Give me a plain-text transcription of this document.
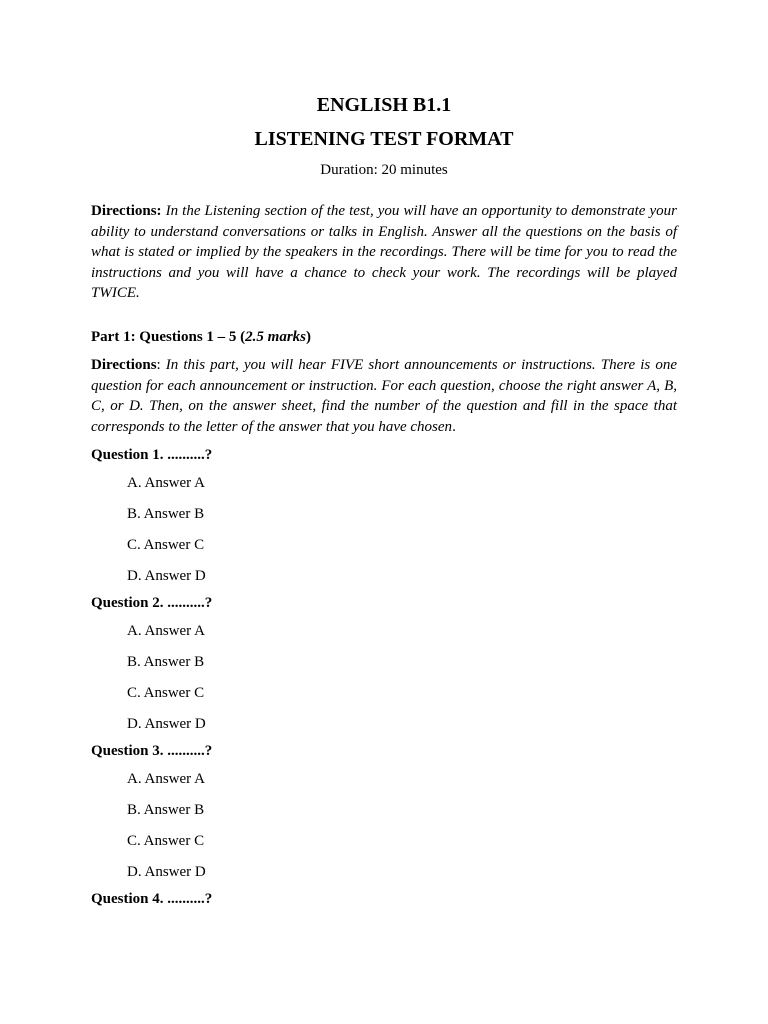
ENGLISH B1.1
LISTENING TEST FORMAT

Duration: 20 minutes

Directions: In the Listening section of the test, you will have an opportunity to demonstrate your ability to understand conversations or talks in English. Answer all the questions on the basis of what is stated or implied by the speakers in the recordings. There will be time for you to read the instructions and you will have a chance to check your work. The recordings will be played TWICE.

Part 1: Questions 1 – 5 (2.5 marks)

Directions: In this part, you will hear FIVE short announcements or instructions. There is one question for each announcement or instruction. For each question, choose the right answer A, B, C, or D. Then, on the answer sheet, find the number of the question and fill in the space that corresponds to the letter of the answer that you have chosen.

Question 1. ..........?

A. Answer A
B. Answer B
C. Answer C
D. Answer D

Question 2. ..........?

A. Answer A
B. Answer B
C. Answer C
D. Answer D

Question 3. ..........?

A. Answer A
B. Answer B
C. Answer C
D. Answer D

Question 4. ..........?
